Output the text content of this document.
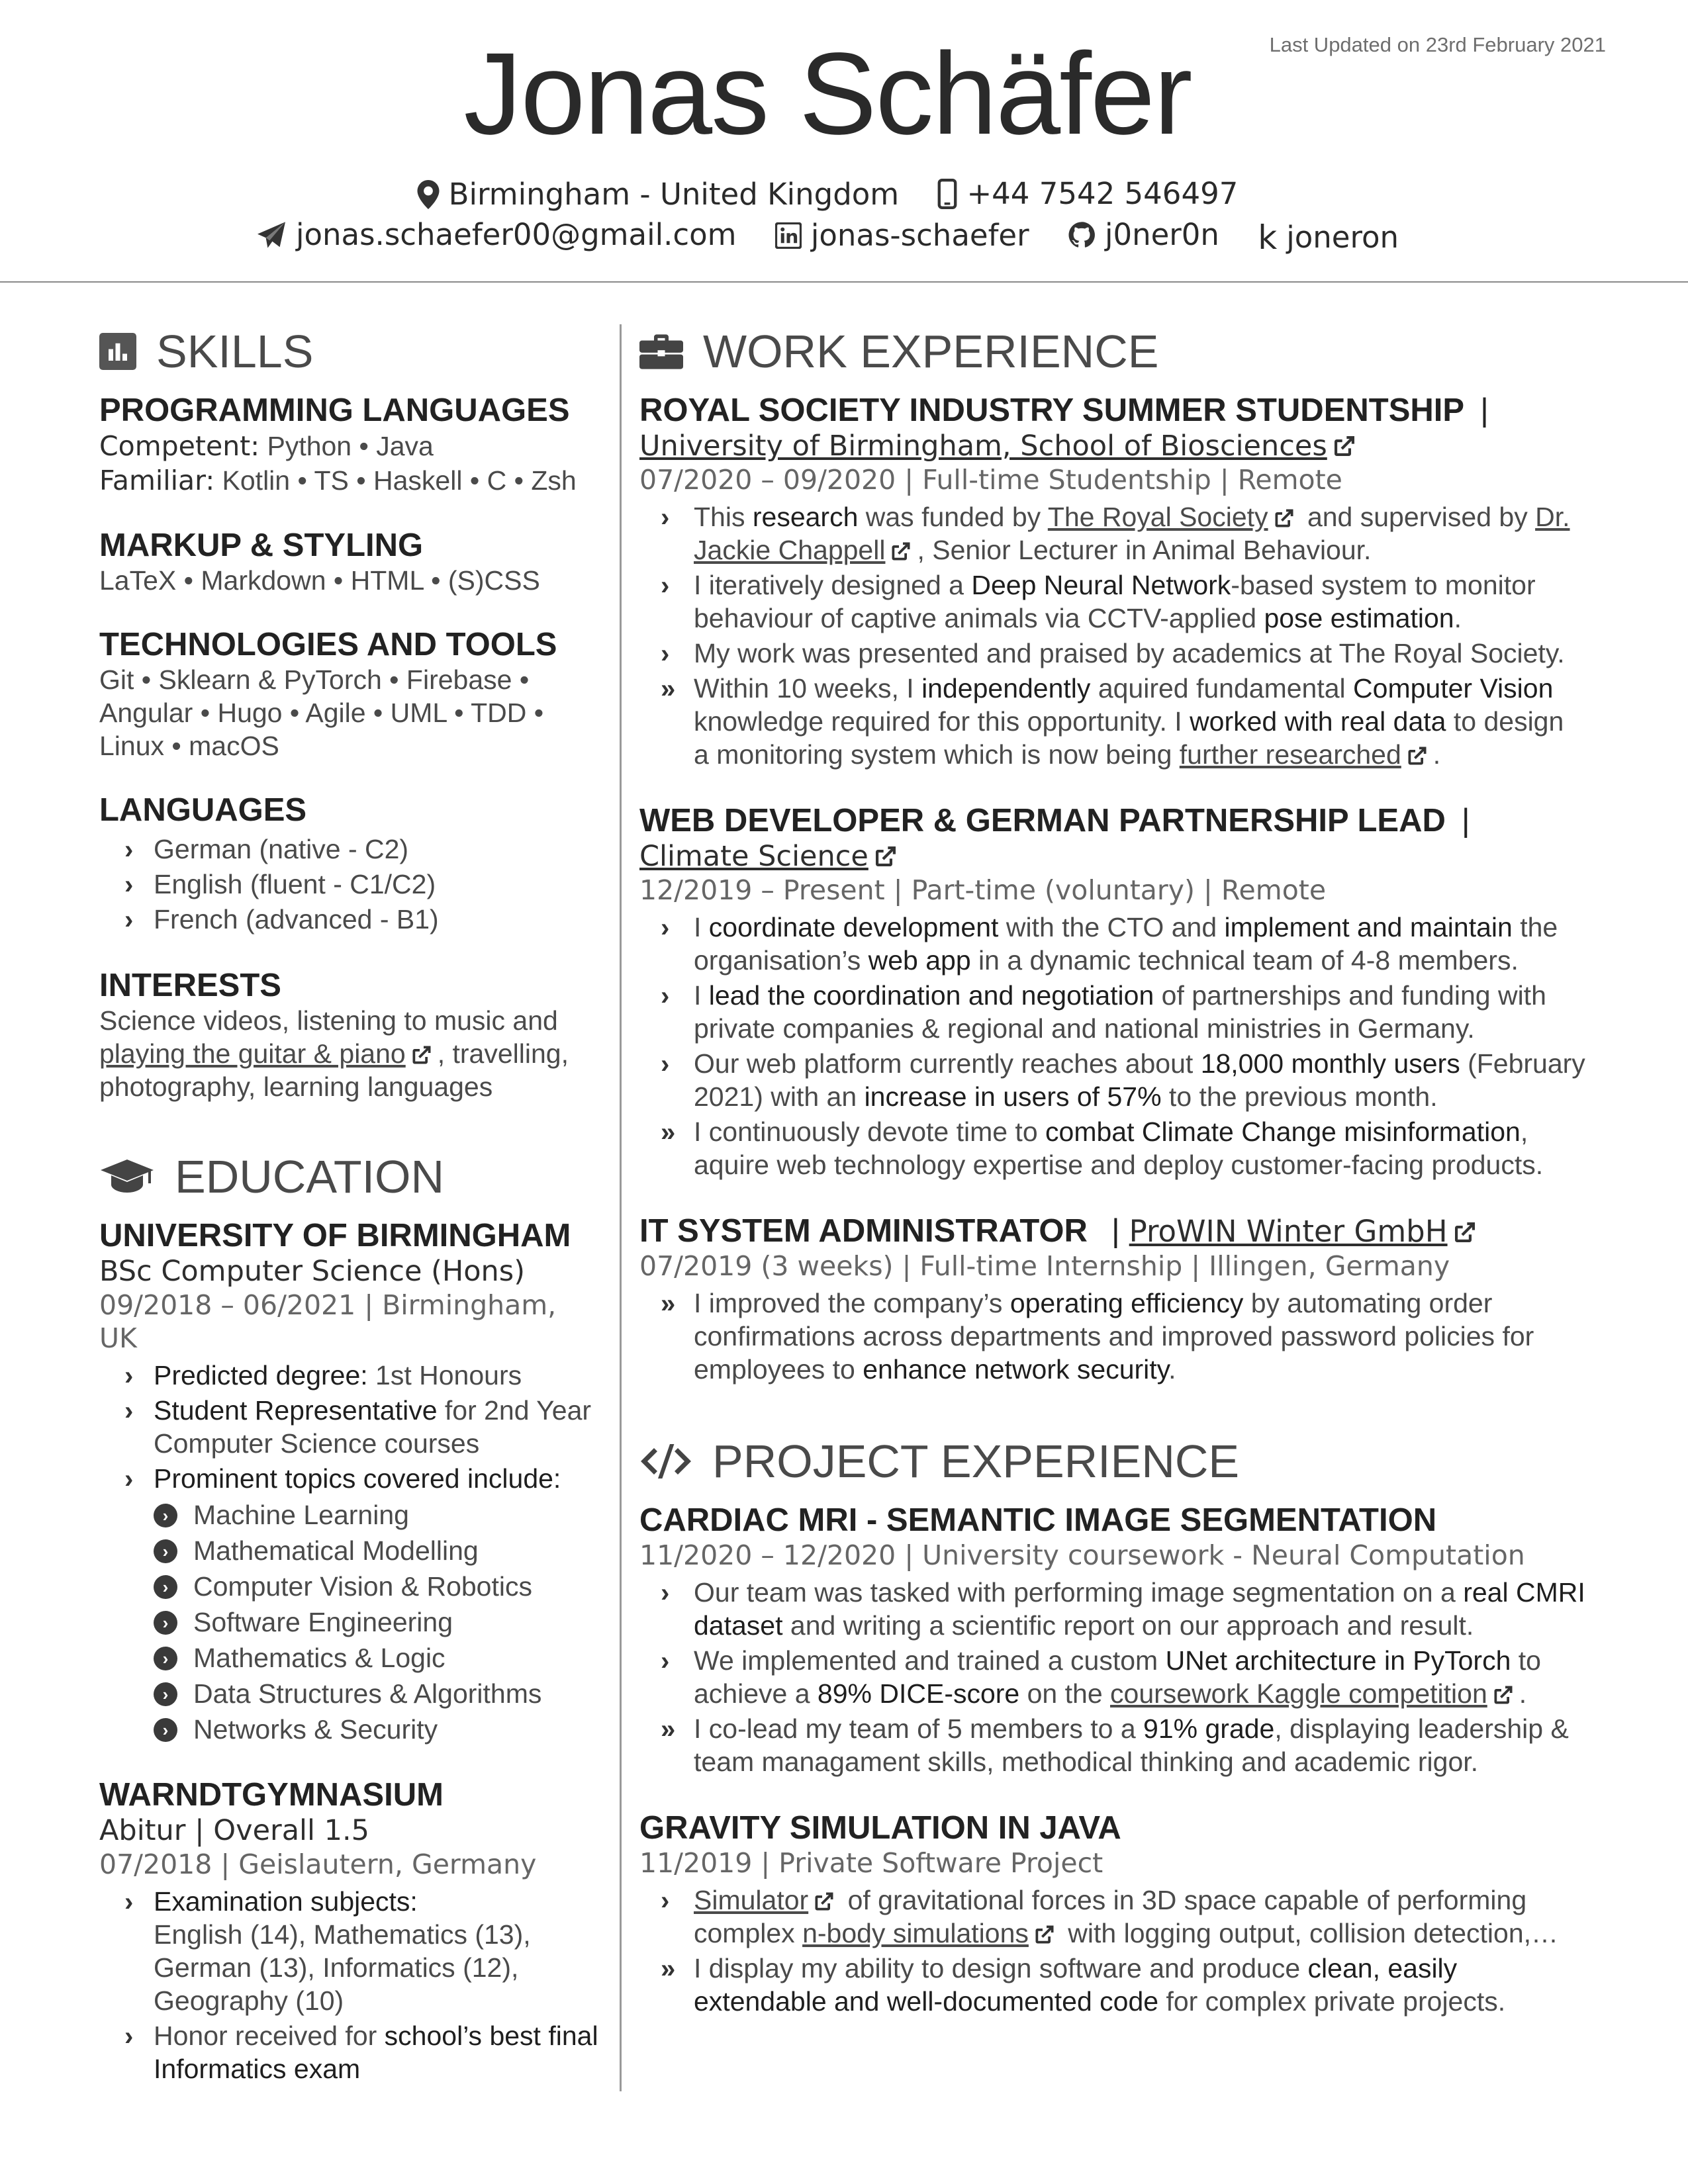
Last Updated on 23rd February 2021
Jonas Schäfer
Birmingham - United Kingdom
+44 7542 546497
jonas.schaefer00@gmail.com
jonas-schaefer
	j0ner0n
k joneron
SKILLS
PROGRAMMING LANGUAGES
Competent: Python • Java
Familiar: Kotlin • TS • Haskell • C • Zsh
MARKUP & STYLING
LaTeX • Markdown • HTML • (S)CSS
TECHNOLOGIES AND TOOLS
Git • Sklearn & PyTorch • Firebase • Angular • Hugo • Agile • UML • TDD • Linux • macOS
LANGUAGES
› German (native - C2)
› English (fluent - C1/C2)
› French (advanced - B1)
INTERESTS
Science videos, listening to music and playing the guitar & piano , travelling, photography, learning languages
EDUCATION
UNIVERSITY OF BIRMINGHAM
BSc Computer Science (Hons)
09/2018 – 06/2021 | Birmingham, UK
› Predicted degree: 1st Honours
› Student Representative for 2nd Year Computer Science courses
› Prominent topics covered include:
› Machine Learning
› Mathematical Modelling
› Computer Vision & Robotics
› Software Engineering
› Mathematics & Logic
› Data Structures & Algorithms
› Networks & Security
WARNDTGYMNASIUM
Abitur | Overall 1.5
07/2018 | Geislautern, Germany
› Examination subjects:
English (14), Mathematics (13), German (13), Informatics (12), Geography (10)
› Honor received for school’s best final Informatics exam
WORK EXPERIENCE
ROYAL SOCIETY INDUSTRY SUMMER STUDENTSHIP |
University of Birmingham, School of Biosciences
07/2020 – 09/2020 | Full-time Studentship | Remote
› This research was funded by The Royal Society and supervised by Dr. Jackie Chappell , Senior Lecturer in Animal Behaviour.
› I iteratively designed a Deep Neural Network-based system to monitor behaviour of captive animals via CCTV-applied pose estimation.
› My work was presented and praised by academics at The Royal Society.
» Within 10 weeks, I independently aquired fundamental Computer Vision knowledge required for this opportunity. I worked with real data to design a monitoring system which is now being further researched .
WEB DEVELOPER & GERMAN PARTNERSHIP LEAD |
Climate Science
12/2019 – Present | Part-time (voluntary) | Remote
› I coordinate development with the CTO and implement and maintain the organisation’s web app in a dynamic technical team of 4-8 members.
› I lead the coordination and negotiation of partnerships and funding with private companies & regional and national ministries in Germany.
› Our web platform currently reaches about 18,000 monthly users (February 2021) with an increase in users of 57% to the previous month.
» I continuously devote time to combat Climate Change misinformation, aquire web technology expertise and deploy customer-facing products.
IT SYSTEM ADMINISTRATOR | ProWIN Winter GmbH
07/2019 (3 weeks) | Full-time Internship | Illingen, Germany
» I improved the company’s operating efficiency by automating order confirmations across departments and improved password policies for employees to enhance network security.
PROJECT EXPERIENCE
CARDIAC MRI - SEMANTIC IMAGE SEGMENTATION
11/2020 – 12/2020 | University coursework - Neural Computation
› Our team was tasked with performing image segmentation on a real CMRI dataset and writing a scientific report on our approach and result.
› We implemented and trained a custom UNet architecture in PyTorch to achieve a 89% DICE-score on the coursework Kaggle competition .
» I co-lead my team of 5 members to a 91% grade, displaying leadership & team managament skills, methodical thinking and academic rigor.
GRAVITY SIMULATION IN JAVA
11/2019 | Private Software Project
› Simulator of gravitational forces in 3D space capable of performing complex n-body simulations with logging output, collision detection,…
» I display my ability to design software and produce clean, easily extendable and well-documented code for complex private projects.
